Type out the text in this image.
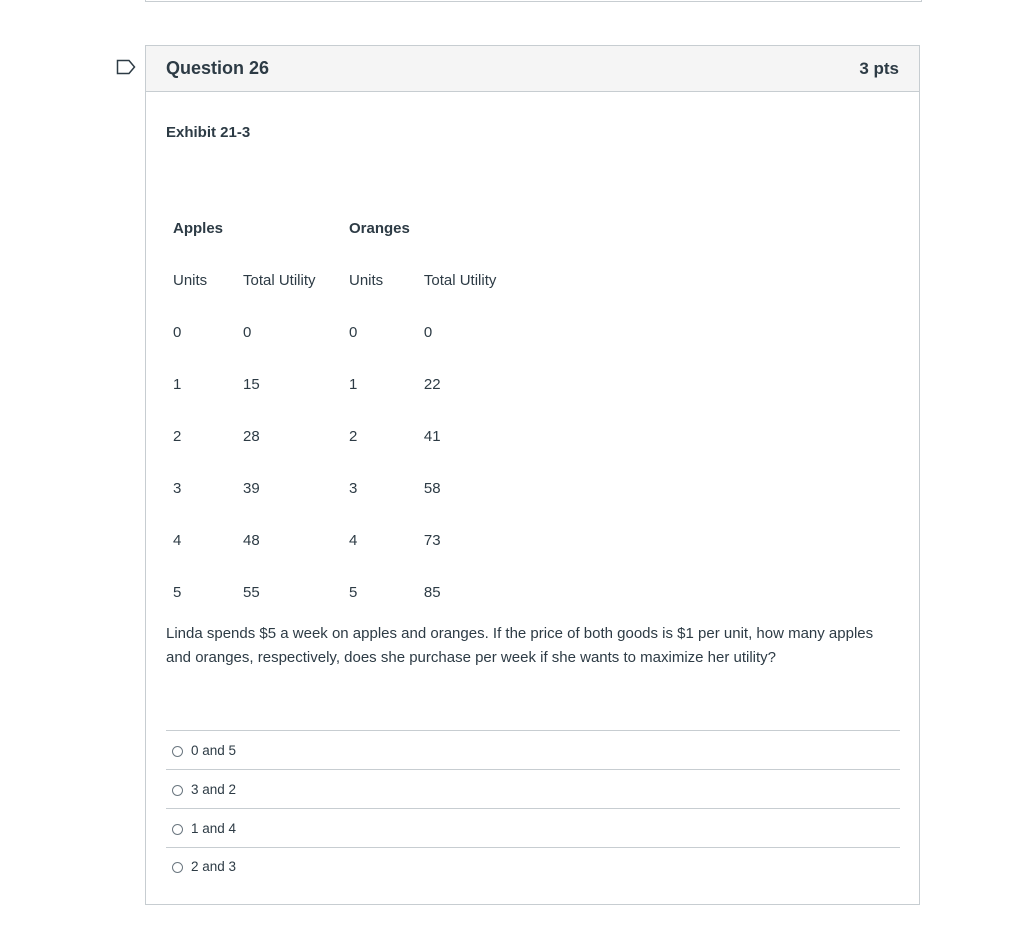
Question 26	3 pts
Exhibit 21-3
Apples		Oranges	
Units	Total Utility	Units	Total Utility
0	0	0	0
1	15	1	22
2	28	2	41
3	39	3	58
4	48	4	73
5	55	5	85
Linda spends $5 a week on apples and oranges. If the price of both goods is $1 per unit, how many apples and oranges, respectively, does she purchase per week if she wants to maximize her utility?
0 and 5
3 and 2
1 and 4
2 and 3
